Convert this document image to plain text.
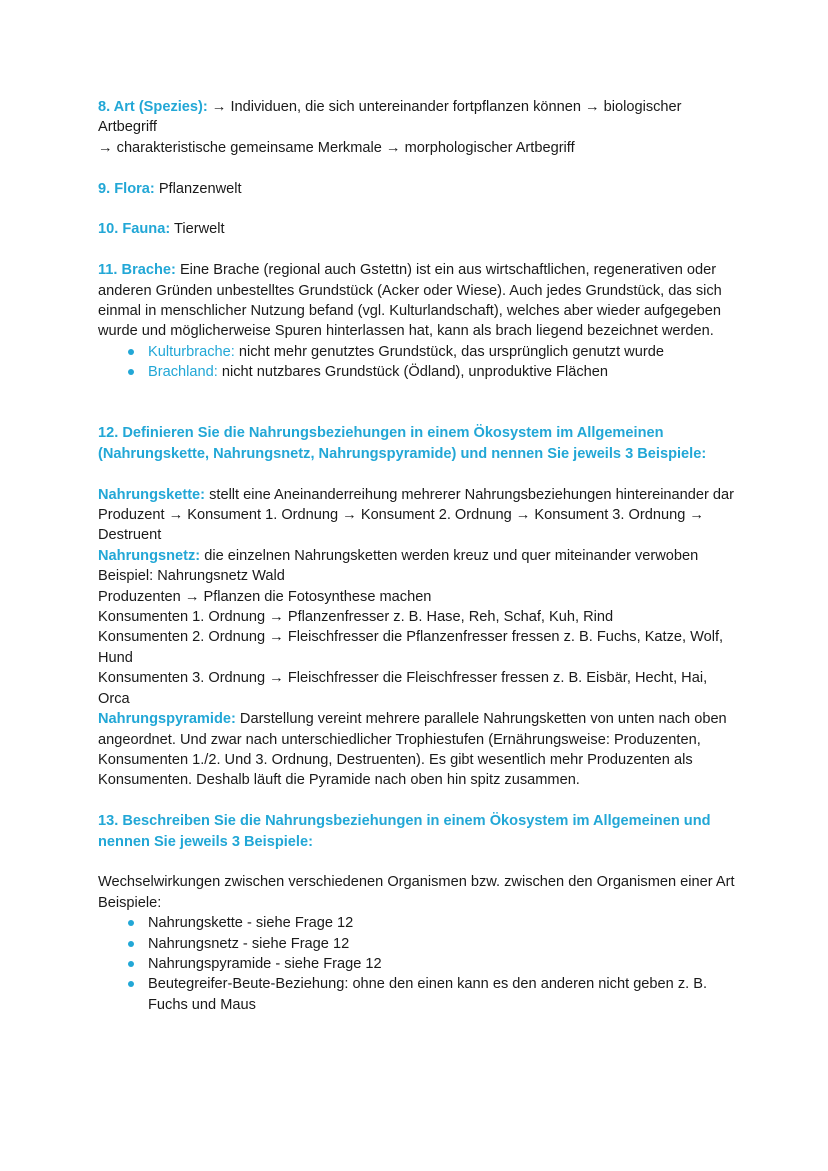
8. Art (Spezies): → Individuen, die sich untereinander fortpflanzen können → biologischer Artbegriff

→ charakteristische gemeinsame Merkmale → morphologischer Artbegriff

9. Flora: Pflanzenwelt

10. Fauna: Tierwelt

11. Brache: Eine Brache (regional auch Gstettn) ist ein aus wirtschaftlichen, regenerativen oder anderen Gründen unbestelltes Grundstück (Acker oder Wiese). Auch jedes Grundstück, das sich einmal in menschlicher Nutzung befand (vgl. Kulturlandschaft), welches aber wieder aufgegeben wurde und möglicherweise Spuren hinterlassen hat, kann als brach liegend bezeichnet werden.

Kulturbrache: nicht mehr genutztes Grundstück, das ursprünglich genutzt wurde
Brachland: nicht nutzbares Grundstück (Ödland), unproduktive Flächen

12. Definieren Sie die Nahrungsbeziehungen in einem Ökosystem im Allgemeinen (Nahrungskette, Nahrungsnetz, Nahrungspyramide) und nennen Sie jeweils 3 Beispiele:

Nahrungskette: stellt eine Aneinanderreihung mehrerer Nahrungsbeziehungen hintereinander dar

Produzent → Konsument 1. Ordnung → Konsument 2. Ordnung → Konsument 3. Ordnung → Destruent

Nahrungsnetz: die einzelnen Nahrungsketten werden kreuz und quer miteinander verwoben

Beispiel: Nahrungsnetz Wald

Produzenten → Pflanzen die Fotosynthese machen

Konsumenten 1. Ordnung → Pflanzenfresser z. B. Hase, Reh, Schaf, Kuh, Rind

Konsumenten 2. Ordnung → Fleischfresser die Pflanzenfresser fressen z. B. Fuchs, Katze, Wolf, Hund

Konsumenten 3. Ordnung → Fleischfresser die Fleischfresser fressen z. B. Eisbär, Hecht, Hai, Orca

Nahrungspyramide: Darstellung vereint mehrere parallele Nahrungsketten von unten nach oben angeordnet. Und zwar nach unterschiedlicher Trophiestufen (Ernährungsweise: Produzenten, Konsumenten 1./2. Und 3. Ordnung, Destruenten). Es gibt wesentlich mehr Produzenten als Konsumenten. Deshalb läuft die Pyramide nach oben hin spitz zusammen.

13. Beschreiben Sie die Nahrungsbeziehungen in einem Ökosystem im Allgemeinen und nennen Sie jeweils 3 Beispiele:

Wechselwirkungen zwischen verschiedenen Organismen bzw. zwischen den Organismen einer Art

Beispiele:

Nahrungskette - siehe Frage 12
Nahrungsnetz - siehe Frage 12
Nahrungspyramide - siehe Frage 12
Beutegreifer-Beute-Beziehung: ohne den einen kann es den anderen nicht geben z. B. Fuchs und Maus
